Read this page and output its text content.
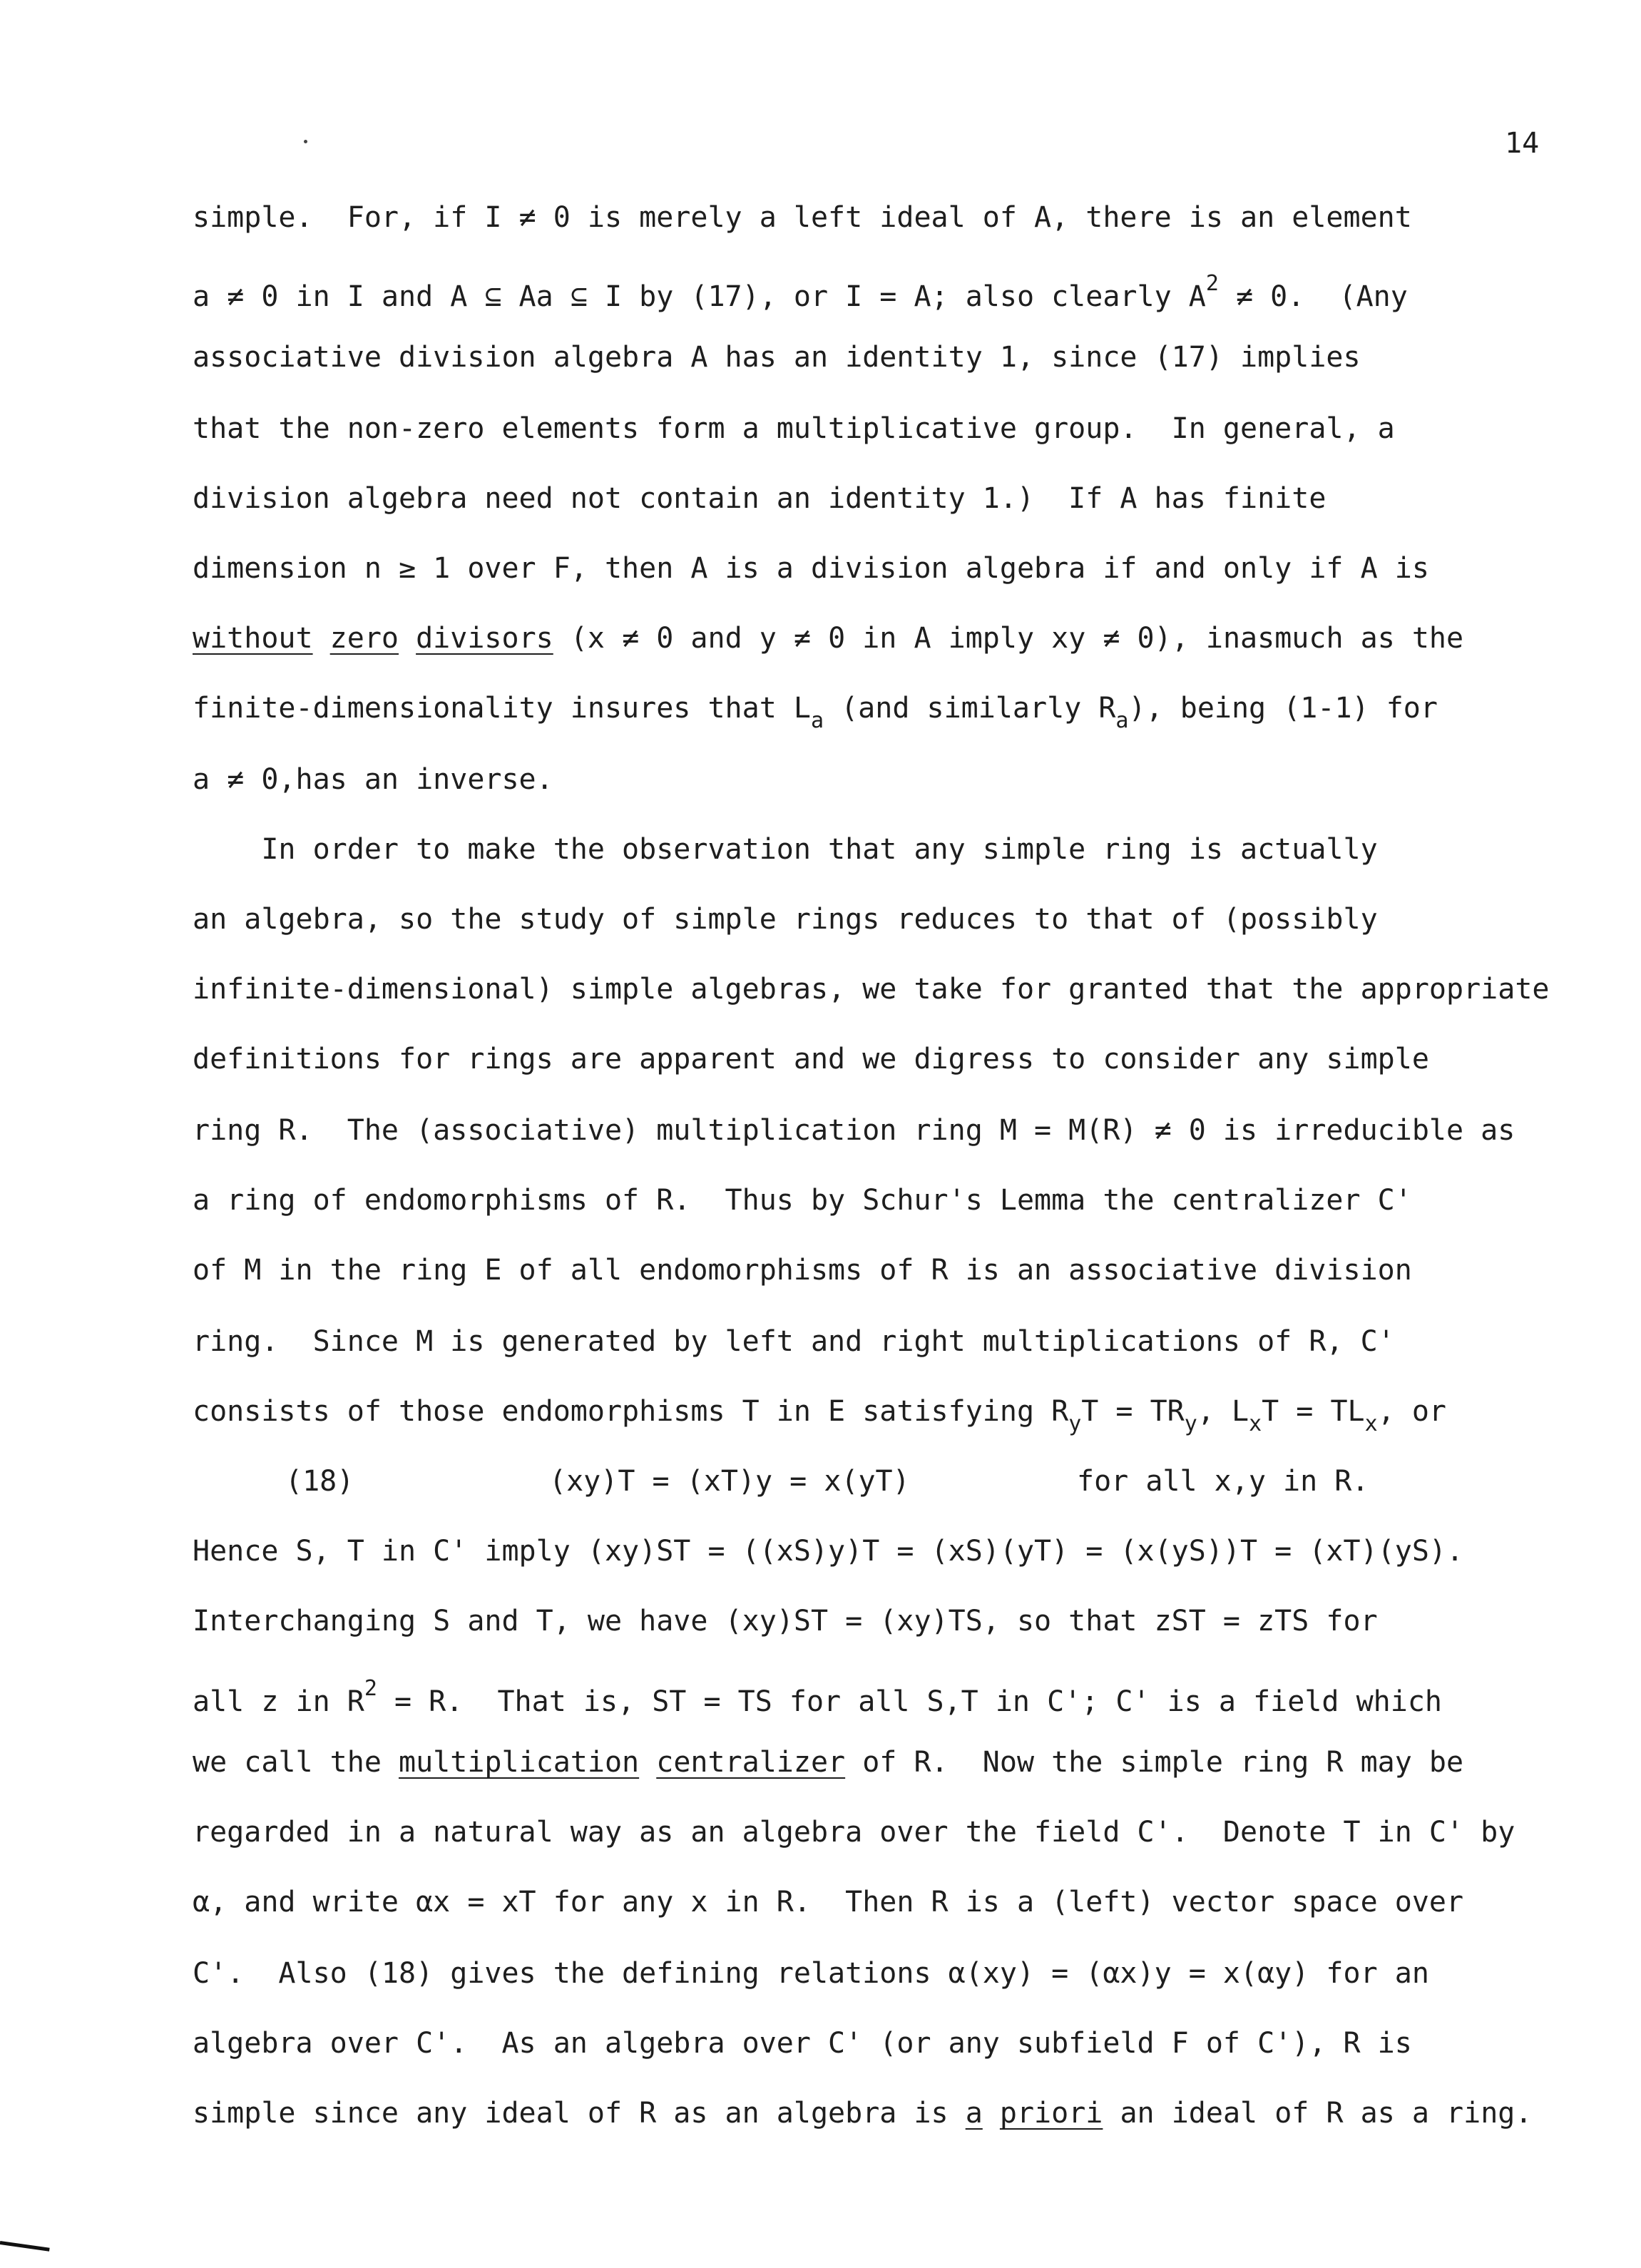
14
simple.  For, if I ≠ 0 is merely a left ideal of A, there is an element
a ≠ 0 in I and A ⊆ Aa ⊆ I by (17), or I = A; also clearly $A^2 \ne 0$.  (Any
associative division algebra A has an identity 1, since (17) implies
that the non-zero elements form a multiplicative group.  In general, a
division algebra need not contain an identity 1.)  If A has finite
dimension n ≥ 1 over F, then A is a division algebra if and only if A is
without zero divisors (x ≠ 0 and y ≠ 0 in A imply xy ≠ 0), inasmuch as the
finite-dimensionality insures that $L_a$ (and similarly $R_a$), being (1-1) for
a ≠ 0,has an inverse.
In order to make the observation that any simple ring is actually
an algebra, so the study of simple rings reduces to that of (possibly
infinite-dimensional) simple algebras, we take for granted that the appropriate
definitions for rings are apparent and we digress to consider any simple
ring R.  The (associative) multiplication ring M = M(R) ≠ 0 is irreducible as
a ring of endomorphisms of R.  Thus by Schur's Lemma the centralizer C'
of M in the ring E of all endomorphisms of R is an associative division
ring.  Since M is generated by left and right multiplications of R, C'
consists of those endomorphisms T in E satisfying $R_yT = TR_y$, $L_xT = TL_x$, or
(18)	(xy)T = (xT)y = x(yT)	for all x,y in R.
Hence S, T in C' imply (xy)ST = ((xS)y)T = (xS)(yT) = (x(yS))T = (xT)(yS).
Interchanging S and T, we have (xy)ST = (xy)TS, so that zST = zTS for
all z in $R^2 = R$.  That is, ST = TS for all S,T in C'; C' is a field which
we call the multiplication centralizer of R.  Now the simple ring R may be
regarded in a natural way as an algebra over the field C'.  Denote T in C' by
α, and write αx = xT for any x in R.  Then R is a (left) vector space over
C'.  Also (18) gives the defining relations α(xy) = (αx)y = x(αy) for an
algebra over C'.  As an algebra over C' (or any subfield F of C'), R is
simple since any ideal of R as an algebra is a priori an ideal of R as a ring.
